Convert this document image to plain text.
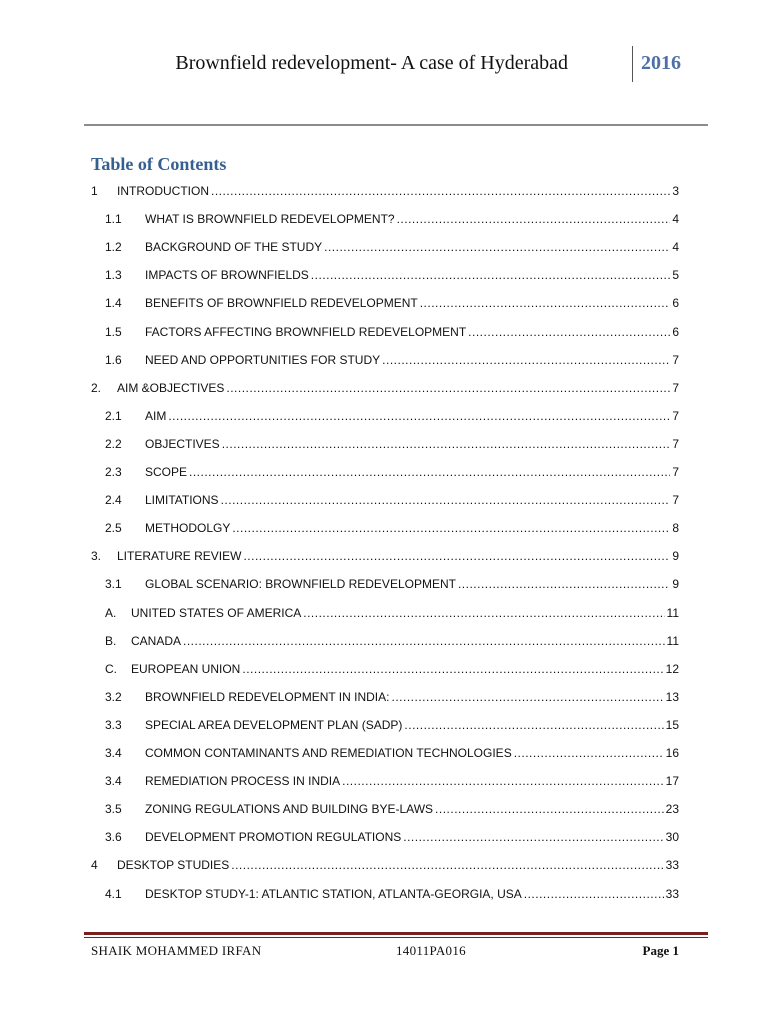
Brownfield redevelopment- A case of Hyderabad	2016
Table of Contents
1	INTRODUCTION .....	3
1.1	WHAT IS BROWNFIELD REDEVELOPMENT? .....	4
1.2	BACKGROUND OF THE STUDY .....	4
1.3	IMPACTS OF BROWNFIELDS .....	5
1.4	BENEFITS OF BROWNFIELD REDEVELOPMENT .....	6
1.5	FACTORS AFFECTING BROWNFIELD REDEVELOPMENT .....	6
1.6	NEED AND OPPORTUNITIES FOR STUDY .....	7
2.	AIM &OBJECTIVES .....	7
2.1	AIM .....	7
2.2	OBJECTIVES .....	7
2.3	SCOPE .....	7
2.4	LIMITATIONS .....	7
2.5	METHODOLGY .....	8
3.	LITERATURE REVIEW .....	9
3.1	GLOBAL SCENARIO: BROWNFIELD REDEVELOPMENT .....	9
A.	UNITED STATES OF AMERICA .....	11
B.	CANADA .....	11
C.	EUROPEAN UNION .....	12
3.2	BROWNFIELD REDEVELOPMENT IN INDIA: .....	13
3.3	SPECIAL AREA DEVELOPMENT PLAN (SADP) .....	15
3.4	COMMON CONTAMINANTS AND REMEDIATION TECHNOLOGIES .....	16
3.4	REMEDIATION PROCESS IN INDIA .....	17
3.5	ZONING REGULATIONS AND BUILDING BYE-LAWS .....	23
3.6	DEVELOPMENT PROMOTION REGULATIONS .....	30
4	DESKTOP STUDIES .....	33
4.1	DESKTOP STUDY-1: ATLANTIC STATION, ATLANTA-GEORGIA, USA .....	33
SHAIK MOHAMMED IRFAN	14011PA016	Page 1
